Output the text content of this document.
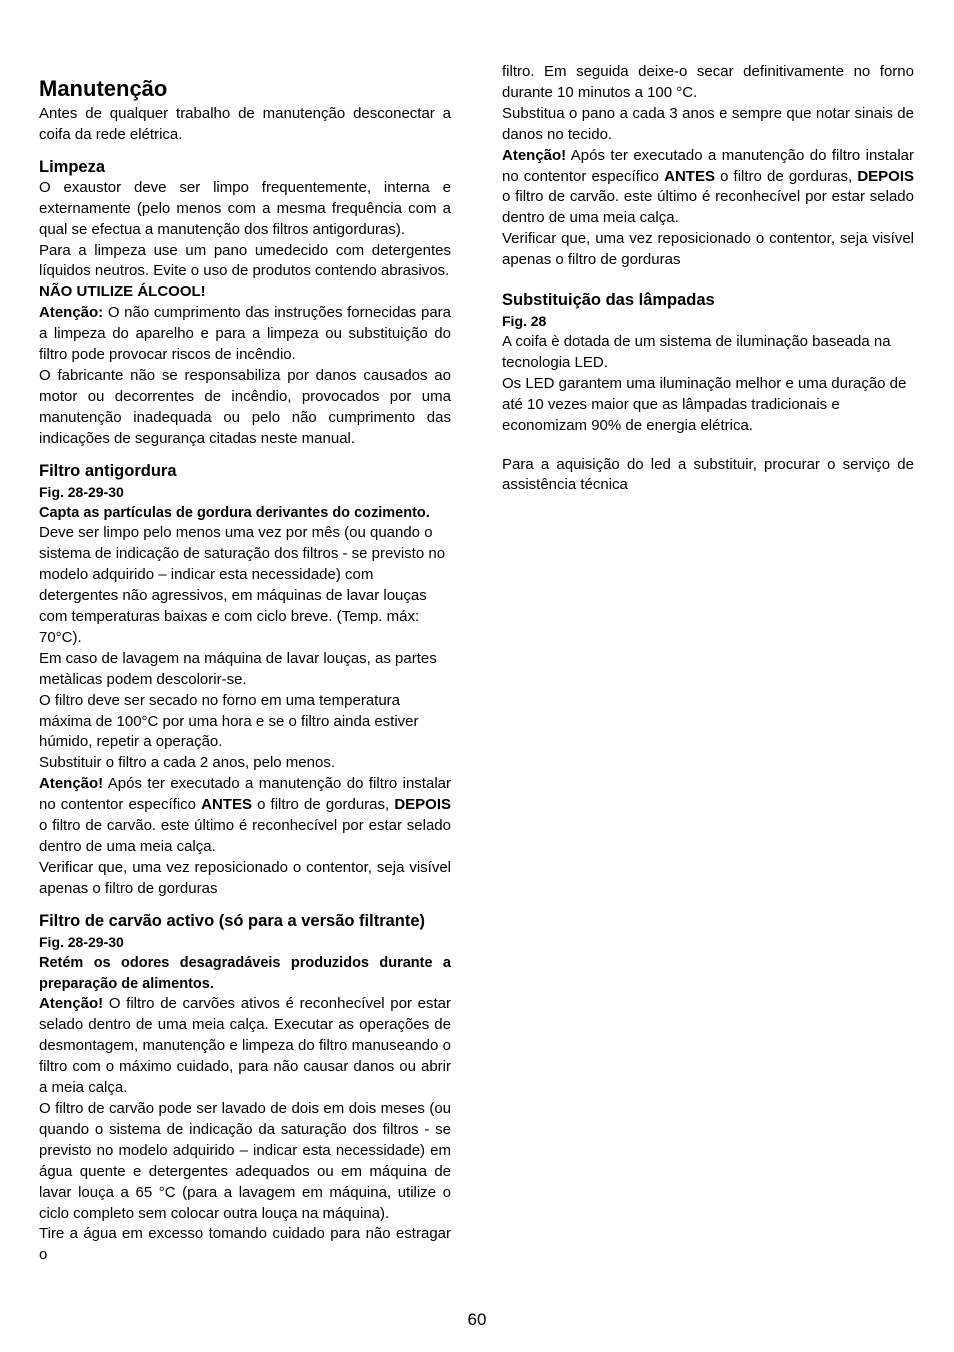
Manutenção

Antes de qualquer trabalho de manutenção desconectar a coifa da rede elétrica.

Limpeza

O exaustor deve ser limpo frequentemente, interna e externamente (pelo menos com a mesma frequência com a qual se efectua a manutenção dos filtros antigorduras).

Para a limpeza use um pano umedecido com detergentes líquidos neutros. Evite o uso de produtos contendo abrasivos.

NÃO UTILIZE ÁLCOOL!

Atenção: O não cumprimento das instruções fornecidas para a limpeza do aparelho e para a limpeza ou substituição do filtro pode provocar riscos de incêndio.

O fabricante não se responsabiliza por danos causados ao motor ou decorrentes de incêndio, provocados por uma manutenção inadequada ou pelo não cumprimento das indicações de segurança citadas neste manual.

Filtro antigordura

Fig. 28-29-30

Capta as partículas de gordura derivantes do cozimento.

Deve ser limpo pelo menos uma vez por mês (ou quando o sistema de indicação de saturação dos filtros - se previsto no modelo adquirido – indicar esta necessidade) com detergentes não agressivos, em máquinas de lavar louças com temperaturas baixas e com ciclo breve. (Temp. máx: 70°C).

Em caso de lavagem na máquina de lavar louças, as partes metàlicas podem descolorir-se.

O filtro deve ser secado no forno em uma temperatura máxima de 100°C por uma hora e se o filtro ainda estiver húmido, repetir a operação.

Substituir o filtro a cada 2 anos, pelo menos.

Atenção! Após ter executado a manutenção do filtro instalar no contentor específico ANTES o filtro de gorduras, DEPOIS o filtro de carvão. este último é reconhecível por estar selado dentro de uma meia calça.

Verificar que, uma vez reposicionado o contentor, seja visível apenas o filtro de gorduras

Filtro de carvão activo (só para a versão filtrante)

Fig. 28-29-30

Retém os odores desagradáveis produzidos durante a preparação de alimentos.

Atenção! O filtro de carvões ativos é reconhecível por estar selado dentro de uma meia calça. Executar as operações de desmontagem, manutenção e limpeza do filtro manuseando o filtro com o máximo cuidado, para não causar danos ou abrir a meia calça.

O filtro de carvão pode ser lavado de dois em dois meses (ou quando o sistema de indicação da saturação dos filtros - se previsto no modelo adquirido – indicar esta necessidade) em água quente e detergentes adequados ou em máquina de lavar louça a 65 °C (para a lavagem em máquina, utilize o ciclo completo sem colocar outra louça na máquina).

Tire a água em excesso tomando cuidado para não estragar o

filtro. Em seguida deixe-o secar definitivamente no forno durante 10 minutos a 100 °C.

Substitua o pano a cada 3 anos e sempre que notar sinais de danos no tecido.

Atenção! Após ter executado a manutenção do filtro instalar no contentor específico ANTES o filtro de gorduras, DEPOIS o filtro de carvão. este último é reconhecível por estar selado dentro de uma meia calça.

Verificar que, uma vez reposicionado o contentor, seja visível apenas o filtro de gorduras

Substituição das lâmpadas

Fig. 28

A coifa è dotada de um sistema de iluminação baseada na tecnologia LED.

Os LED garantem uma iluminação melhor e uma duração de até 10 vezes maior que as lâmpadas tradicionais e economizam 90% de energia elétrica.

Para a aquisição do led a substituir, procurar o serviço de assistência técnica

60
